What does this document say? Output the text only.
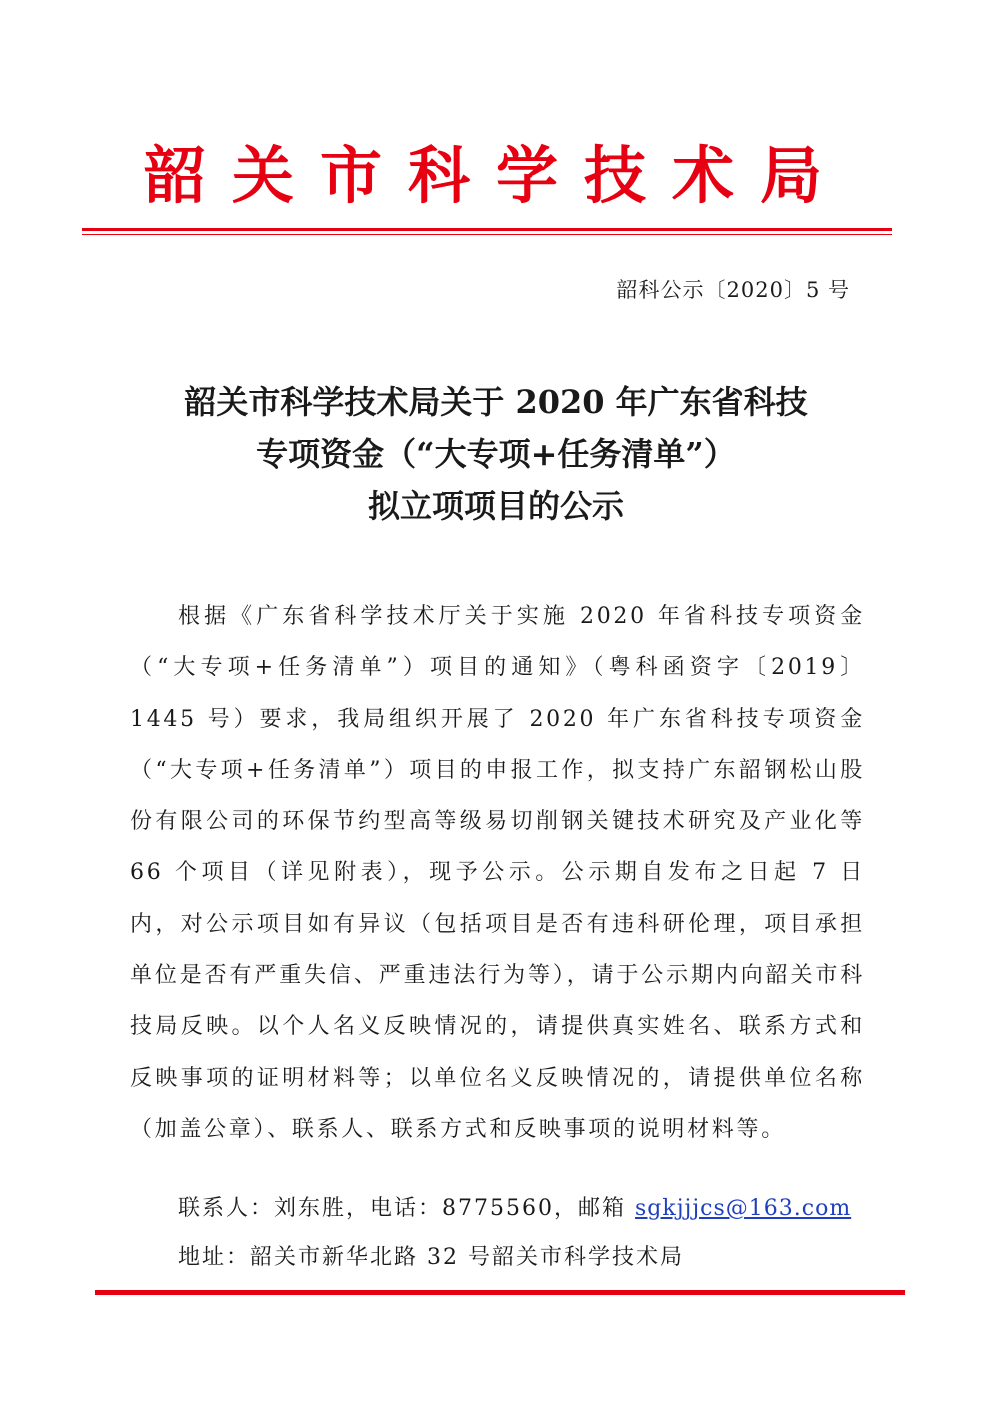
韶关市科学技术局
韶科公示〔2020〕5 号
韶关市科学技术局关于 2020 年广东省科技
专项资金（“大专项+任务清单”）
拟立项项目的公示
根据《广东省科学技术厅关于实施 2020 年省科技专项资金（“大专项+任务清单”）项目的通知》（粤科函资字〔2019〕1445 号）要求，我局组织开展了 2020 年广东省科技专项资金（“大专项+任务清单”）项目的申报工作，拟支持广东韶钢松山股份有限公司的环保节约型高等级易切削钢关键技术研究及产业化等 66 个项目（详见附表），现予公示。公示期自发布之日起 7 日内，对公示项目如有异议（包括项目是否有违科研伦理，项目承担单位是否有严重失信、严重违法行为等），请于公示期内向韶关市科技局反映。以个人名义反映情况的，请提供真实姓名、联系方式和反映事项的证明材料等；以单位名义反映情况的，请提供单位名称（加盖公章）、联系人、联系方式和反映事项的说明材料等。
联系人：刘东胜，电话：8775560，邮箱 sgkjjjcs@163.com
地址：韶关市新华北路 32 号韶关市科学技术局
